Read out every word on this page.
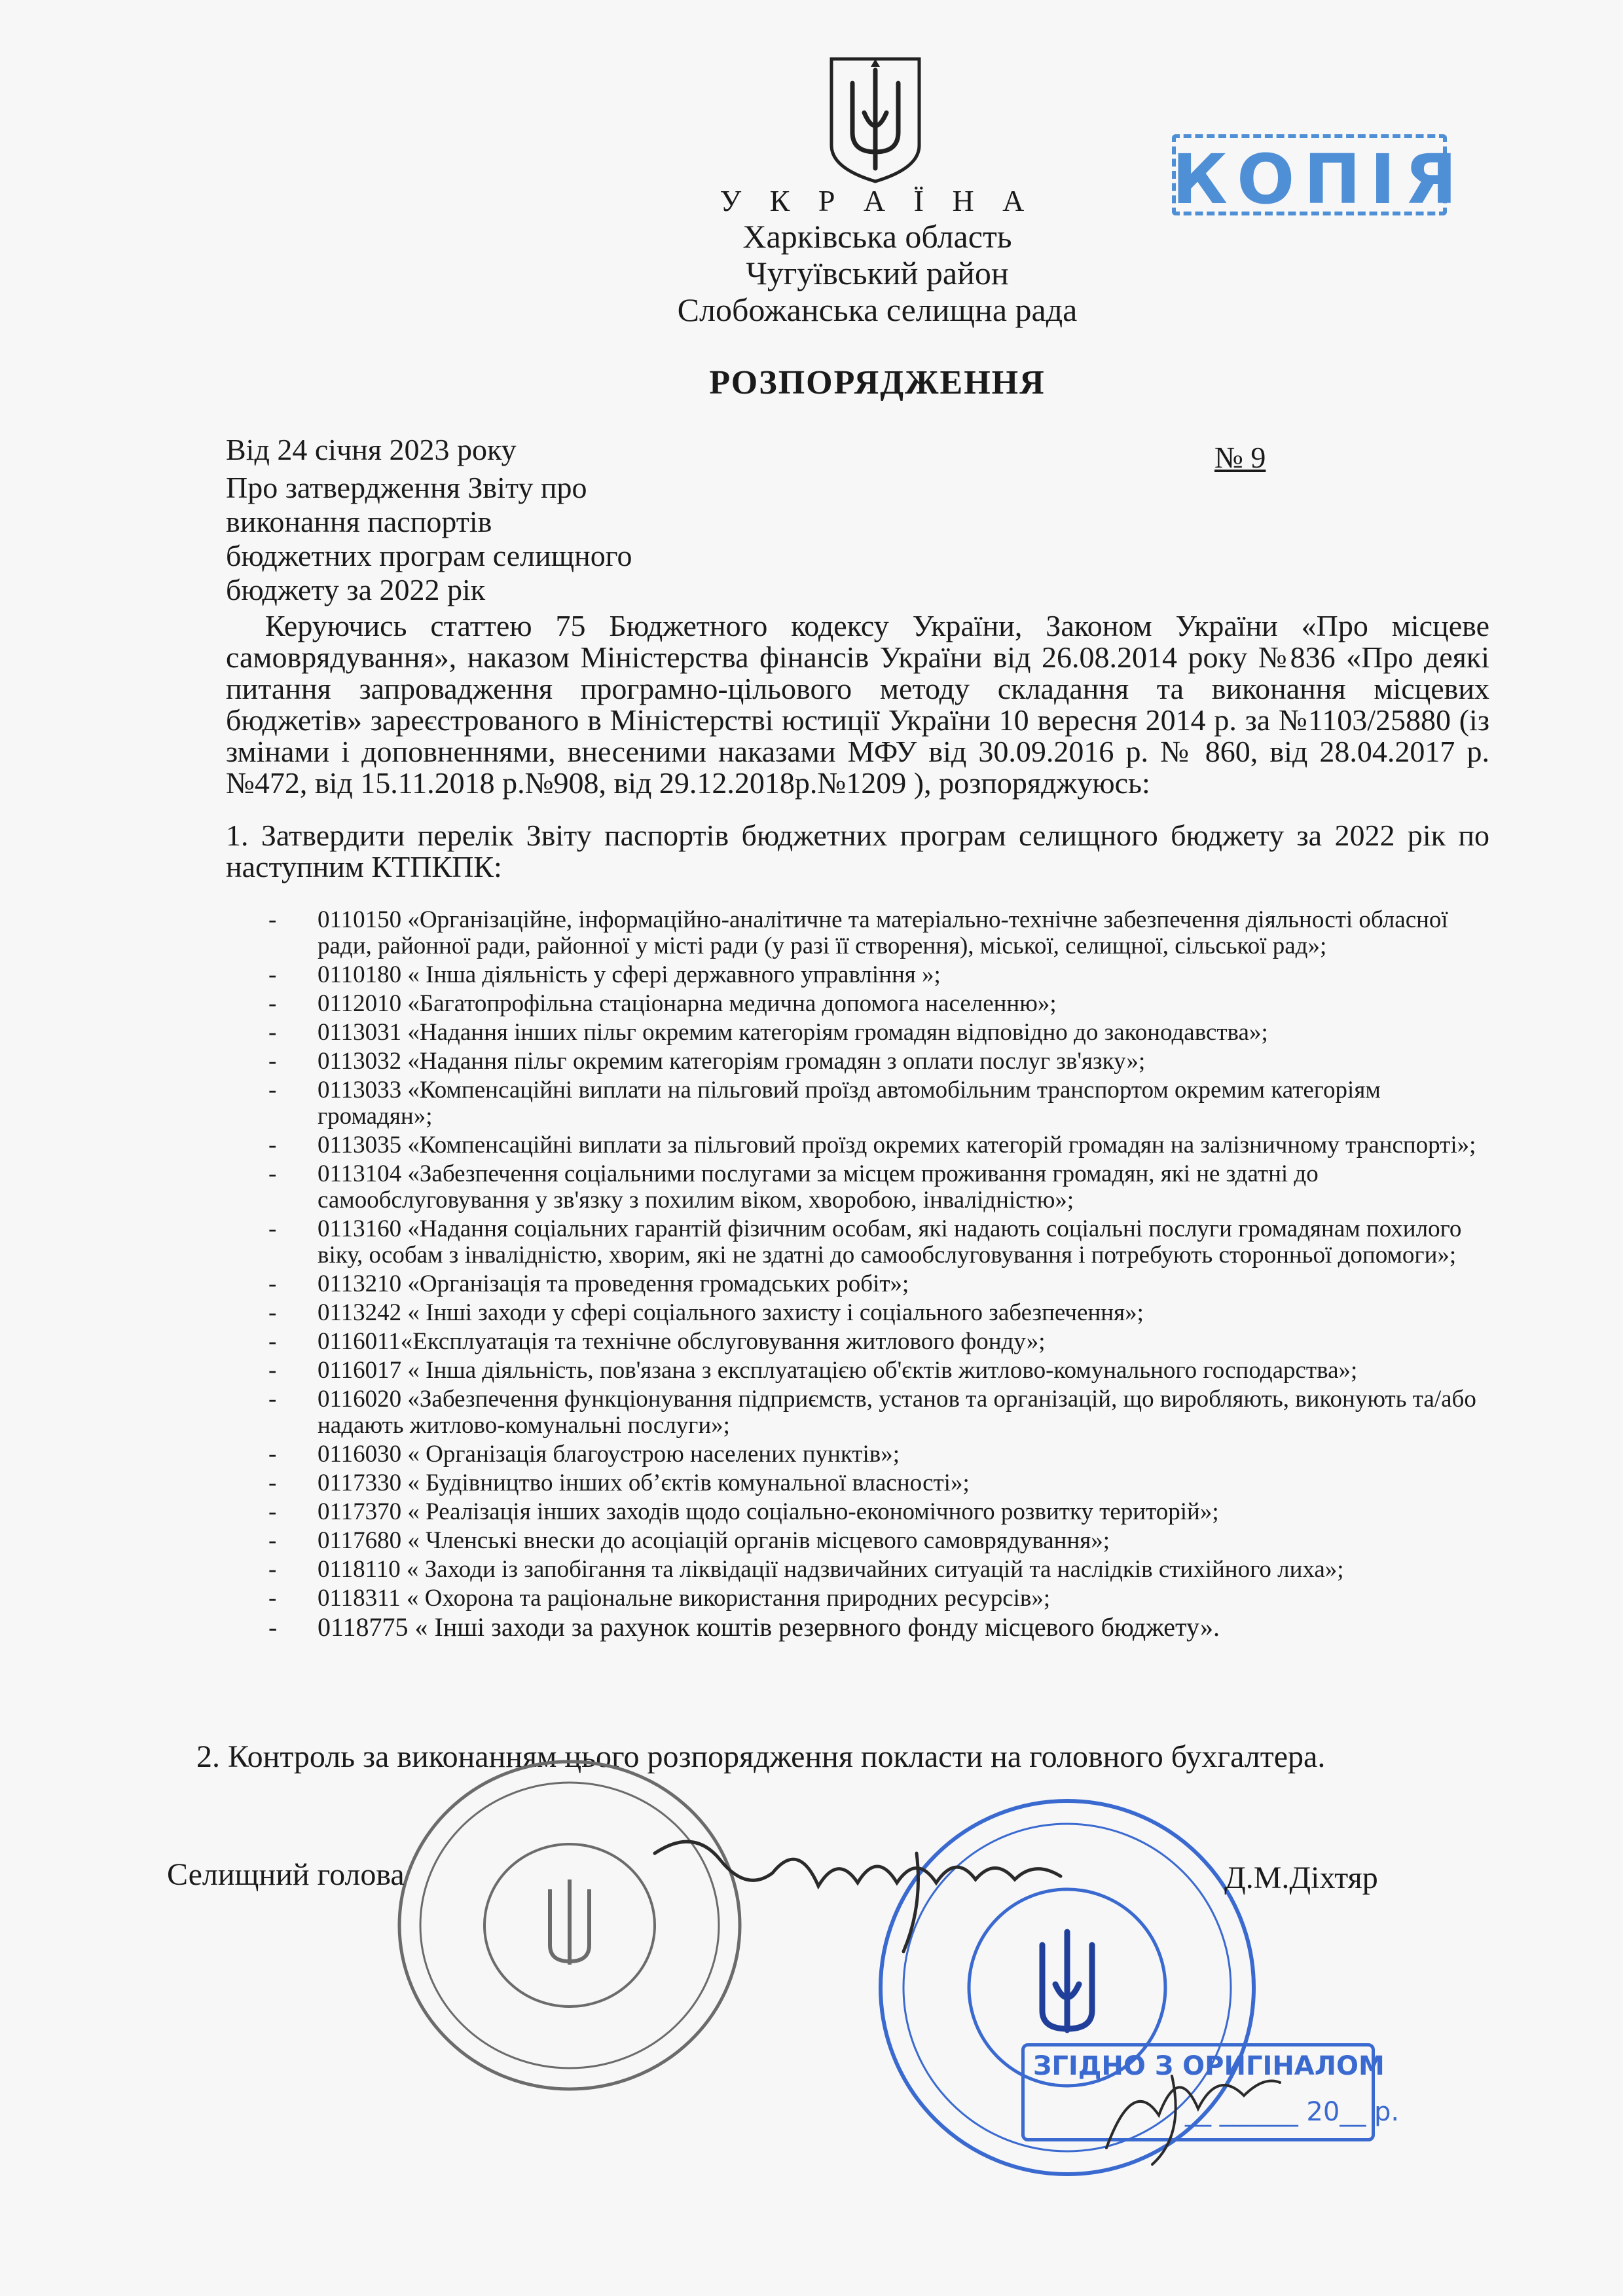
КОПІЯ
У К Р А Ї Н А
Харківська область
Чугуївський район
Слобожанська селищна рада
РОЗПОРЯДЖЕННЯ
Від 24 січня 2023 року	№ 9
Про затвердження Звіту про
виконання паспортів
бюджетних програм селищного
бюджету за 2022 рік
Керуючись статтею 75 Бюджетного кодексу України, Законом України «Про місцеве самоврядування», наказом Міністерства фінансів України від 26.08.2014 року №836 «Про деякі питання запровадження програмно-цільового методу складання та виконання місцевих бюджетів» зареєстрованого в Міністерстві юстиції України 10 вересня 2014 р. за №1103/25880 (із змінами і доповненнями, внесеними наказами МФУ від 30.09.2016 р. № 860, від 28.04.2017 р.№472, від 15.11.2018 р.№908, від 29.12.2018р.№1209 ), розпоряджуюсь:
1. Затвердити перелік Звіту паспортів бюджетних програм селищного бюджету за 2022 рік по наступним КТПКПК:
- 0110150 «Організаційне, інформаційно-аналітичне та матеріально-технічне забезпечення діяльності обласної ради, районної ради, районної у місті ради (у разі її створення), міської, селищної, сільської рад»;
- 0110180 « Інша діяльність у сфері державного управління »;
- 0112010 «Багатопрофільна стаціонарна медична допомога населенню»;
- 0113031 «Надання інших пільг окремим категоріям громадян відповідно до законодавства»;
- 0113032 «Надання пільг окремим категоріям громадян з оплати послуг зв'язку»;
- 0113033 «Компенсаційні виплати на пільговий проїзд автомобільним транспортом окремим категоріям громадян»;
- 0113035 «Компенсаційні виплати за пільговий проїзд окремих категорій громадян на залізничному транспорті»;
- 0113104 «Забезпечення соціальними послугами за місцем проживання громадян, які не здатні до самообслуговування у зв'язку з похилим віком, хворобою, інвалідністю»;
- 0113160 «Надання соціальних гарантій фізичним особам, які надають соціальні послуги громадянам похилого віку, особам з інвалідністю, хворим, які не здатні до самообслуговування і потребують сторонньої допомоги»;
- 0113210 «Організація та проведення громадських робіт»;
- 0113242 « Інші заходи у сфері соціального захисту і соціального забезпечення»;
- 0116011«Експлуатація та технічне обслуговування житлового фонду»;
- 0116017 « Інша діяльність, пов'язана з експлуатацією об'єктів житлово-комунального господарства»;
- 0116020 «Забезпечення функціонування підприємств, установ та організацій, що виробляють, виконують та/або надають житлово-комунальні послуги»;
- 0116030 « Організація благоустрою населених пунктів»;
- 0117330 « Будівництво інших об’єктів комунальної власності»;
- 0117370 « Реалізація інших заходів щодо соціально-економічного розвитку територій»;
- 0117680 « Членські внески до асоціацій органів місцевого самоврядування»;
- 0118110 « Заходи із запобігання та ліквідації надзвичайних ситуацій та наслідків стихійного лиха»;
- 0118311 « Охорона та раціональне використання природних ресурсів»;
- 0118775 « Інші заходи за рахунок коштів резервного фонду місцевого бюджету».
2. Контроль за виконанням цього розпорядження покласти на головного бухгалтера.
Селищний голова	Д.М.Діхтяр
ЗГІДНО З ОРИГІНАЛОМ
__ ______ 20__ р.
